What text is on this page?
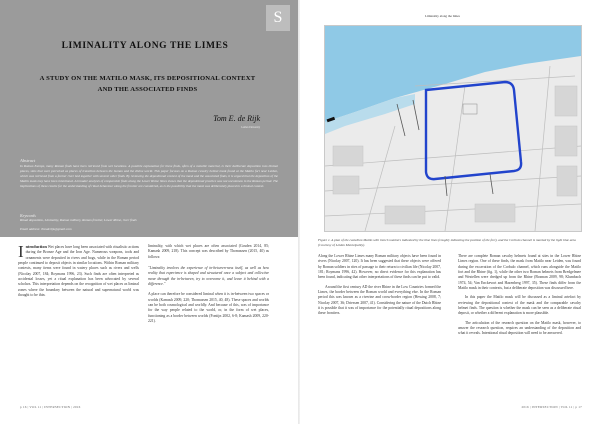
S
LIMINALITY ALONG THE LIMES
A STUDY ON THE MATILO MASK, ITS DEPOSITIONAL CONTEXT AND THE ASSOCIATED FINDS
Tom E. de Rijk
Leiden University
Abstract
In Roman Europe, many Roman finds have been retrieved from wet locations. A possible explanation for these finds, often of a metallic material, is their deliberate deposition into liminal places, sites that were perceived as places of transition between the human and the divine world. This paper focuses on a Roman cavalry helmet mask found at the Matilo fort near Leiden, which was retrieved from a former river bed together with several other finds. By reviewing the depositional context of the mask and the associated finds, it is argued that the deposition of the Matilo mask may have been intentional. A broader analysis of comparable finds along the Lower Rhine limes shows that the depositional practice was not uncommon in the Roman period. The implications of these results for the understanding of ritual behaviour along the frontier are considered, as is the possibility that the mask was deliberately placed in a liminal context.
Keywords
Ritual deposition, Liminality, Roman military, Roman frontier, Lower Rhine, river finds
Email address: Tomderijk@gmail.com
Introduction Wet places have long been associated with ritualistic actions during the Bronze Age and the Iron Age. Numerous weapons, tools and ornaments were deposited in rivers and bogs, while in the Roman period people continued to deposit objects in similar locations. Within Roman military contexts, many items were found in watery places such as rivers and wells (Nicolay 2007, 184; Roymans 1996, 23). Such finds are often interpreted as accidental losses, yet a ritual explanation has been advocated by several scholars. This interpretation depends on the recognition of wet places as liminal zones where the boundary between the natural and supernatural world was thought to be thin.
liminality, with which wet places are often associated (Gosden 2014, 85; Kamash 2009, 218). This concept was described by Thomassen (2015, 40) as follows:
"Liminality involves the experience of in-between-ness itself, as well as how reality that experience is shaped and structured once a subject and collective move through the in-between, try to overcome it, and leave it behind with a difference."
A place can therefore be considered liminal when it is in-between two spaces or worlds (Kamash 2009, 220; Thomassen 2015, 40, 48). These spaces and worlds can be both cosmological and worldly. And because of this, was of importance for the way people related to the world, or, in the form of wet places, functioning as a border between worlds (Fontijn 2002, 6-8; Kamash 2009, 220-221).
p 16 | VOL 11 | INTERSECTION | 2016
Liminality along the limes
Figure 1. A plan of the castellum Matilo with trench numbers indicated by the blue lines (roughly indicating the position of the fort), and the Corbulo channel is marked by the light blue area (Courtesy of Leiden Municipality).

Along the Lower Rhine Limes many Roman military objects have been found in rivers (Nicolay 2007, 120). It has been suggested that these objects were offered by Roman soldiers in rites of passage to their return to civilian life (Nicolay 2007, 181; Roymans 1996, 42). However, no direct evidence for this explanation has been found, indicating that other interpretations of these finds can be put to valid.

Around the first century AD the river Rhine in the Low Countries formed the Limes, the border between the Roman world and everything else. In the Roman period this was known as a riverine and cross-border region (Hessing 2008, 7; Nicolay 2007, 36; Driessen 2007, 41). Considering the nature of the Dutch Rhine it is possible that it was of importance for the potentially ritual depositions along these frontiers.

There are complete Roman cavalry helmets found at sites in the Lower Rhine Limes region. One of these finds, the mask from Matilo near Leiden, was found during the excavation of the Corbulo channel, which runs alongside the Matilo fort and the Rhine (fig. 1), while the other two Roman helmets from Bredgelmee and Westellen were dredged up from the Rhine (Bosman 2009, 98; Klumbach 1974, 54; Van Enckevort and Hazenberg 1997, 35). These finds differ from the Matilo mask in their contexts, but a deliberate deposition was discussed here.

In this paper the Matilo mask will be discussed as a liminal artefact by reviewing the depositional context of the mask and the comparable cavalry helmet finds. The question is whether the mask can be seen as a deliberate ritual deposit, or whether a different explanation is more plausible.

The articulation of the research question on the Matilo mask, however, to answer the research question, requires an understanding of the deposition and what it reveals. Intentional ritual deposition will need to be answered.

2016 | INTERSECTION | VOL 11 | p 17
